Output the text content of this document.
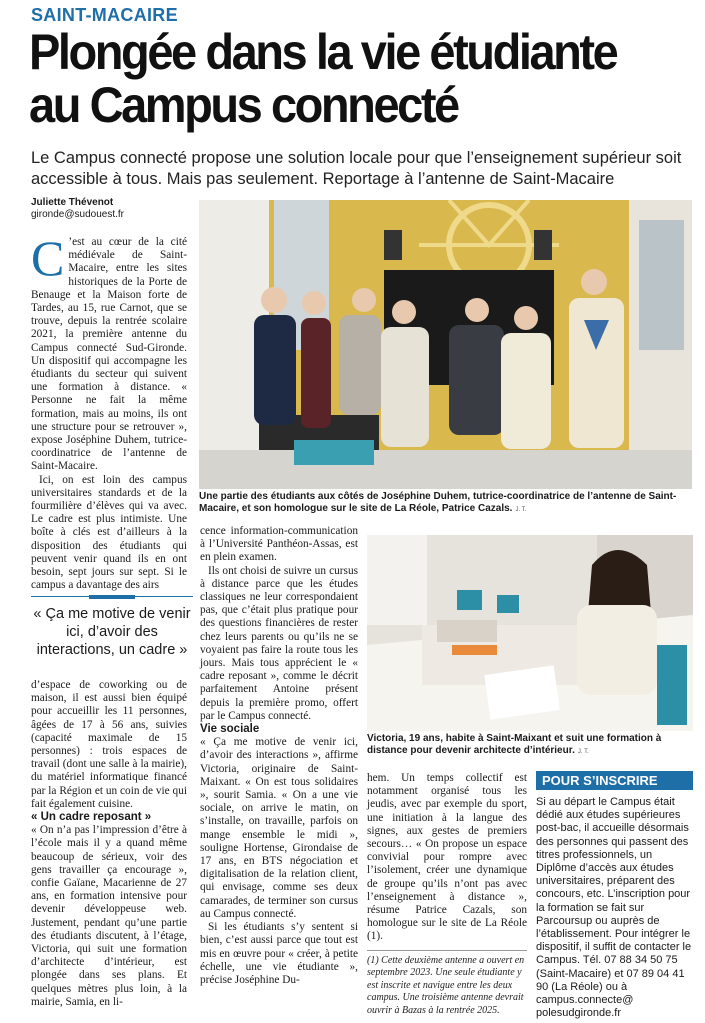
SAINT-MACAIRE
Plongée dans la vie étudiante au Campus connecté
Le Campus connecté propose une solution locale pour que l’enseignement supérieur soit accessible à tous. Mais pas seulement. Reportage à l’antenne de Saint-Macaire
Juliette Thévenot
gironde@sudouest.fr

C ’est au cœur de la cité médiévale de Saint-Macaire, entre les sites historiques de la Porte de Benauge et la Maison forte de Tardes, au 15, rue Carnot, que se trouve, depuis la rentrée scolaire 2021, la première antenne du Campus connecté Sud-Gironde. Un dispositif qui accompagne les étudiants du secteur qui suivent une formation à distance. « Personne ne fait la même formation, mais au moins, ils ont une structure pour se retrouver », expose Joséphine Duhem, tutrice-coordinatrice de l’antenne de Saint-Macaire.

Ici, on est loin des campus universitaires standards et de la fourmilière d’élèves qui va avec. Le cadre est plus intimiste. Une boîte à clés est d’ailleurs à la disposition des étudiants qui peuvent venir quand ils en ont besoin, sept jours sur sept. Si le campus a davantage des airs

« Ça me motive de venir ici, d’avoir des interactions, un cadre »

d’espace de coworking ou de maison, il est aussi bien équipé pour accueillir les 11 personnes, âgées de 17 à 56 ans, suivies (capacité maximale de 15 personnes) : trois espaces de travail (dont une salle à la mairie), du matériel informatique financé par la Région et un coin de vie qui fait également cuisine.

« Un cadre reposant »

« On n’a pas l’impression d’être à l’école mais il y a quand même beaucoup de sérieux, voir des gens travailler ça encourage », confie Gaïane, Macarienne de 27 ans, en formation intensive pour devenir développeuse web. Justement, pendant qu’une partie des étudiants discutent, à l’étage, Victoria, qui suit une formation d’architecte d’intérieur, est plongée dans ses plans. Et quelques mètres plus loin, à la mairie, Samia, en li-

Une partie des étudiants aux côtés de Joséphine Duhem, tutrice-coordinatrice de l’antenne de Saint-Macaire, et son homologue sur le site de La Réole, Patrice Cazals. J. T.

cence information-communication à l’Université Panthéon-Assas, est en plein examen.

Ils ont choisi de suivre un cursus à distance parce que les études classiques ne leur correspondaient pas, que c’était plus pratique pour des questions financières de rester chez leurs parents ou qu’ils ne se voyaient pas faire la route tous les jours. Mais tous apprécient le « cadre reposant », comme le décrit parfaitement Antoine présent depuis la première promo, offert par le Campus connecté.

Vie sociale

« Ça me motive de venir ici, d’avoir des interactions », affirme Victoria, originaire de Saint-Maixant. « On est tous solidaires », sourit Samia. « On a une vie sociale, on arrive le matin, on s’installe, on travaille, parfois on mange ensemble le midi », souligne Hortense, Girondaise de 17 ans, en BTS négociation et digitalisation de la relation client, qui envisage, comme ses deux camarades, de terminer son cursus au Campus connecté.

Si les étudiants s’y sentent si bien, c’est aussi parce que tout est mis en œuvre pour « créer, à petite échelle, une vie étudiante », précise Joséphine Du-

Victoria, 19 ans, habite à Saint-Maixant et suit une formation à distance pour devenir architecte d’intérieur. J. T.

hem. Un temps collectif est notamment organisé tous les jeudis, avec par exemple du sport, une initiation à la langue des signes, aux gestes de premiers secours… « On propose un espace convivial pour rompre avec l’isolement, créer une dynamique de groupe qu’ils n’ont pas avec l’enseignement à distance », résume Patrice Cazals, son homologue sur le site de La Réole (1).

(1) Cette deuxième antenne a ouvert en septembre 2023. Une seule étudiante y est inscrite et navigue entre les deux campus. Une troisième antenne devrait ouvrir à Bazas à la rentrée 2025.
POUR S’INSCRIRE
Si au départ le Campus était dédié aux études supérieures post-bac, il accueille désormais des personnes qui passent des titres professionnels, un Diplôme d’accès aux études universitaires, préparent des concours, etc. L’inscription pour la formation se fait sur Parcoursup ou auprès de l’établissement. Pour intégrer le dispositif, il suffit de contacter le Campus. Tél. 07 88 34 50 75 (Saint-Macaire) et 07 89 04 41 90 (La Réole) ou à campus.connecte@ polesudgironde.fr
